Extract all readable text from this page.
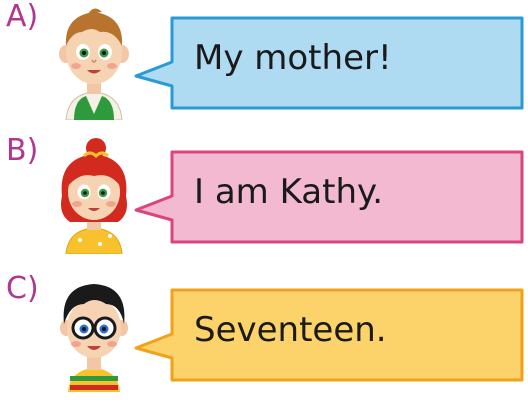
A)
My mother!
B)
I am Kathy.
C)
Seventeen.
